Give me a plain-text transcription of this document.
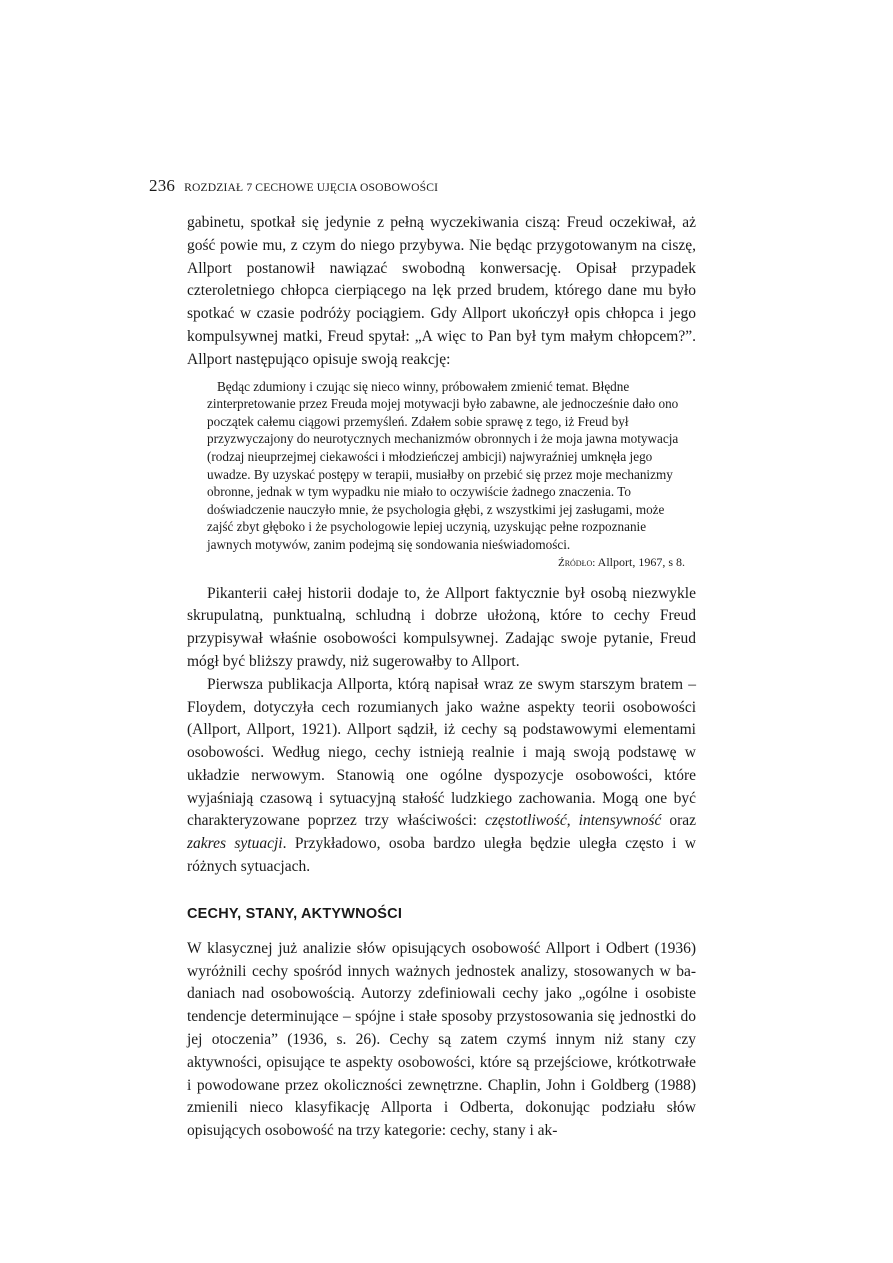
236 ROZDZIAŁ 7 CECHOWE UJĘCIA OSOBOWOŚCI

gabinetu, spotkał się jedynie z pełną wyczekiwania ciszą: Freud oczekiwał, aż gość powie mu, z czym do niego przybywa. Nie będąc przygotowanym na ciszę, Allport postanowił nawiązać swobodną konwersację. Opisał przypadek czteroletniego chłopca cierpiącego na lęk przed brudem, którego dane mu było spotkać w czasie podróży pociągiem. Gdy Allport ukończył opis chłopca i jego kompulsywnej matki, Freud spytał: „A więc to Pan był tym małym chłopcem?”. Allport następująco opisuje swoją reakcję:

Będąc zdumiony i czując się nieco winny, próbowałem zmienić temat. Błędne zinterpretowanie przez Freuda mojej motywacji było zabawne, ale jednocześnie dało ono początek całemu ciągowi przemyśleń. Zdałem sobie sprawę z tego, iż Freud był przyzwyczajony do neurotycznych mechanizmów obronnych i że moja jawna motywacja (rodzaj nieuprzejmej ciekawości i młodzieńczej ambicji) najwyraźniej umknęła jego uwadze. By uzyskać postępy w terapii, musiałby on przebić się przez moje mechanizmy obronne, jednak w tym wypadku nie miało to oczywiście żadnego znaczenia. To doświadczenie nauczyło mnie, że psychologia głębi, z wszystkimi jej zasługami, może zajść zbyt głęboko i że psychologowie lepiej uczynią, uzyskując pełne rozpoznanie jawnych motywów, zanim podejmą się sondowania nieświadomości.

Źródło: Allport, 1967, s 8.

Pikanterii całej historii dodaje to, że Allport faktycznie był osobą niezwykle skrupulatną, punktualną, schludną i dobrze ułożoną, które to cechy Freud przypisywał właśnie osobowości kompulsywnej. Zadając swoje pytanie, Freud mógł być bliższy prawdy, niż sugerowałby to Allport.

Pierwsza publikacja Allporta, którą napisał wraz ze swym starszym bratem – Floydem, dotyczyła cech rozumianych jako ważne aspekty teorii osobowości (Allport, Allport, 1921). Allport sądził, iż cechy są podstawowymi elementami osobowości. Według niego, cechy istnieją realnie i mają swoją podstawę w układzie nerwowym. Stanowią one ogólne dyspozycje osobowości, które wyjaśniają czasową i sytuacyjną stałość ludzkiego zachowania. Mogą one być charakteryzowane poprzez trzy właściwości: częstotliwość, intensywność oraz zakres sytuacji. Przykładowo, osoba bardzo uległa będzie uległa często i w różnych sytuacjach.

CECHY, STANY, AKTYWNOŚCI

W klasycznej już analizie słów opisujących osobowość Allport i Odbert (1936) wyróżnili cechy spośród innych ważnych jednostek analizy, stosowanych w badaniach nad osobowością. Autorzy zdefiniowali cechy jako „ogólne i osobiste tendencje determinujące – spójne i stałe sposoby przystosowania się jednostki do jej otoczenia” (1936, s. 26). Cechy są zatem czymś innym niż stany czy aktywności, opisujące te aspekty osobowości, które są przejściowe, krótkotrwałe i powodowane przez okoliczności zewnętrzne. Chaplin, John i Goldberg (1988) zmienili nieco klasyfikację Allporta i Odberta, dokonując podziału słów opisujących osobowość na trzy kategorie: cechy, stany i ak-
